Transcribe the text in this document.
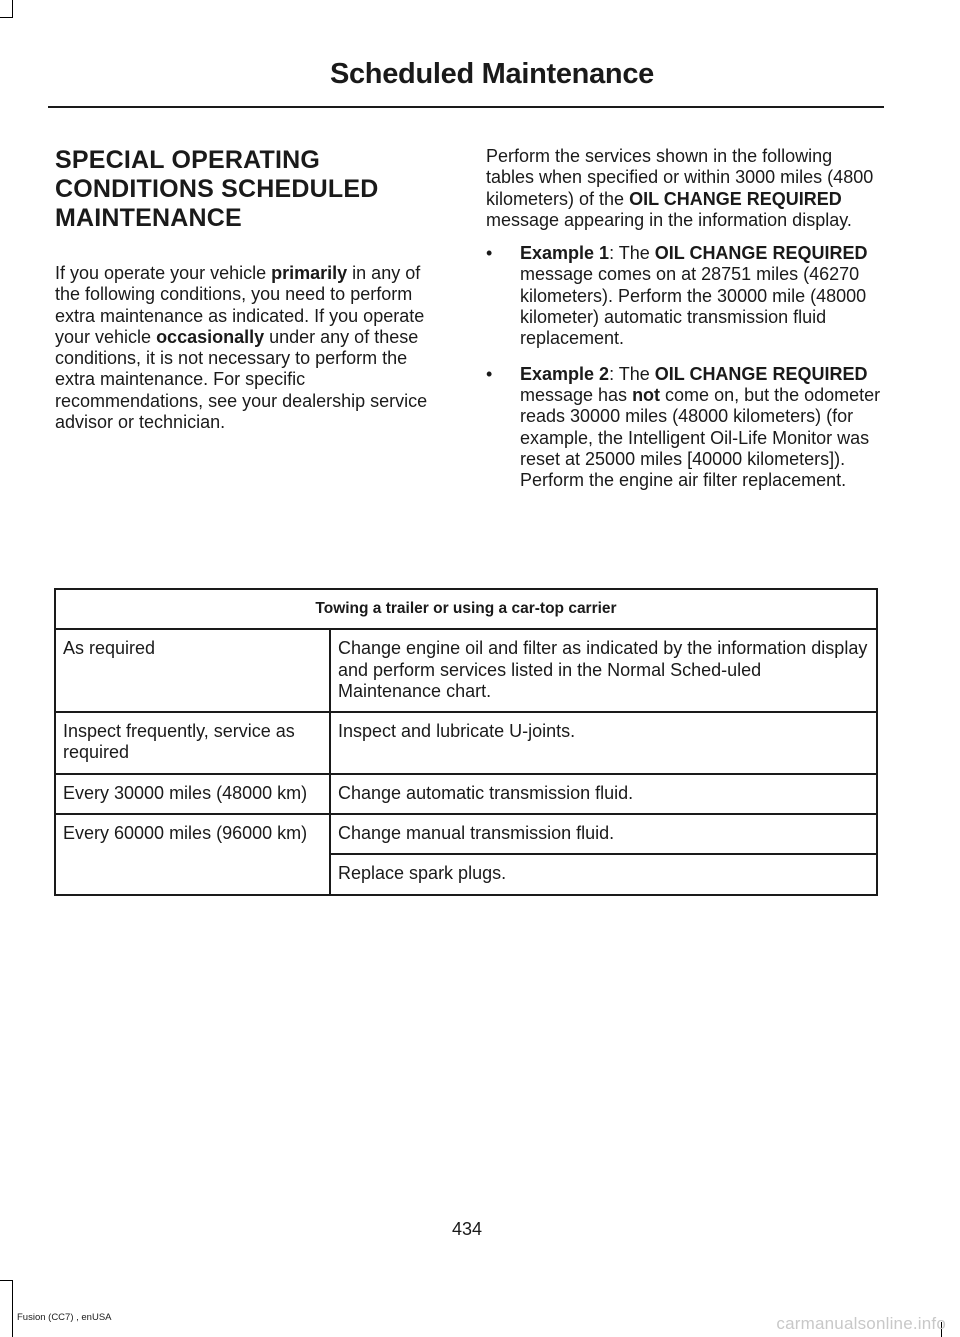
Scheduled Maintenance
SPECIAL OPERATING
CONDITIONS SCHEDULED
MAINTENANCE

If you operate your vehicle primarily in any of the following conditions, you need to perform extra maintenance as indicated. If you operate your vehicle occasionally under any of these conditions, it is not necessary to perform the extra maintenance. For specific recommendations, see your dealership service advisor or technician.

Perform the services shown in the following tables when specified or within 3000 miles (4800 kilometers) of the OIL CHANGE REQUIRED message appearing in the information display.

• Example 1: The OIL CHANGE REQUIRED message comes on at 28751 miles (46270 kilometers). Perform the 30000 mile (48000 kilometer) automatic transmission fluid replacement.
• Example 2: The OIL CHANGE REQUIRED message has not come on, but the odometer reads 30000 miles (48000 kilometers) (for example, the Intelligent Oil-Life Monitor was reset at 25000 miles [40000 kilometers]). Perform the engine air filter replacement.
Towing a trailer or using a car-top carrier	
As required	Change engine oil and filter as indicated by the information display and perform services listed in the Normal Sched-uled Maintenance chart.
Inspect frequently, service as required	Inspect and lubricate U-joints.
Every 30000 miles (48000 km)	Change automatic transmission fluid.
Every 60000 miles (96000 km)	Change manual transmission fluid.
	Replace spark plugs.
434
Fusion (CC7) , enUSA	carmanualsonline.info
